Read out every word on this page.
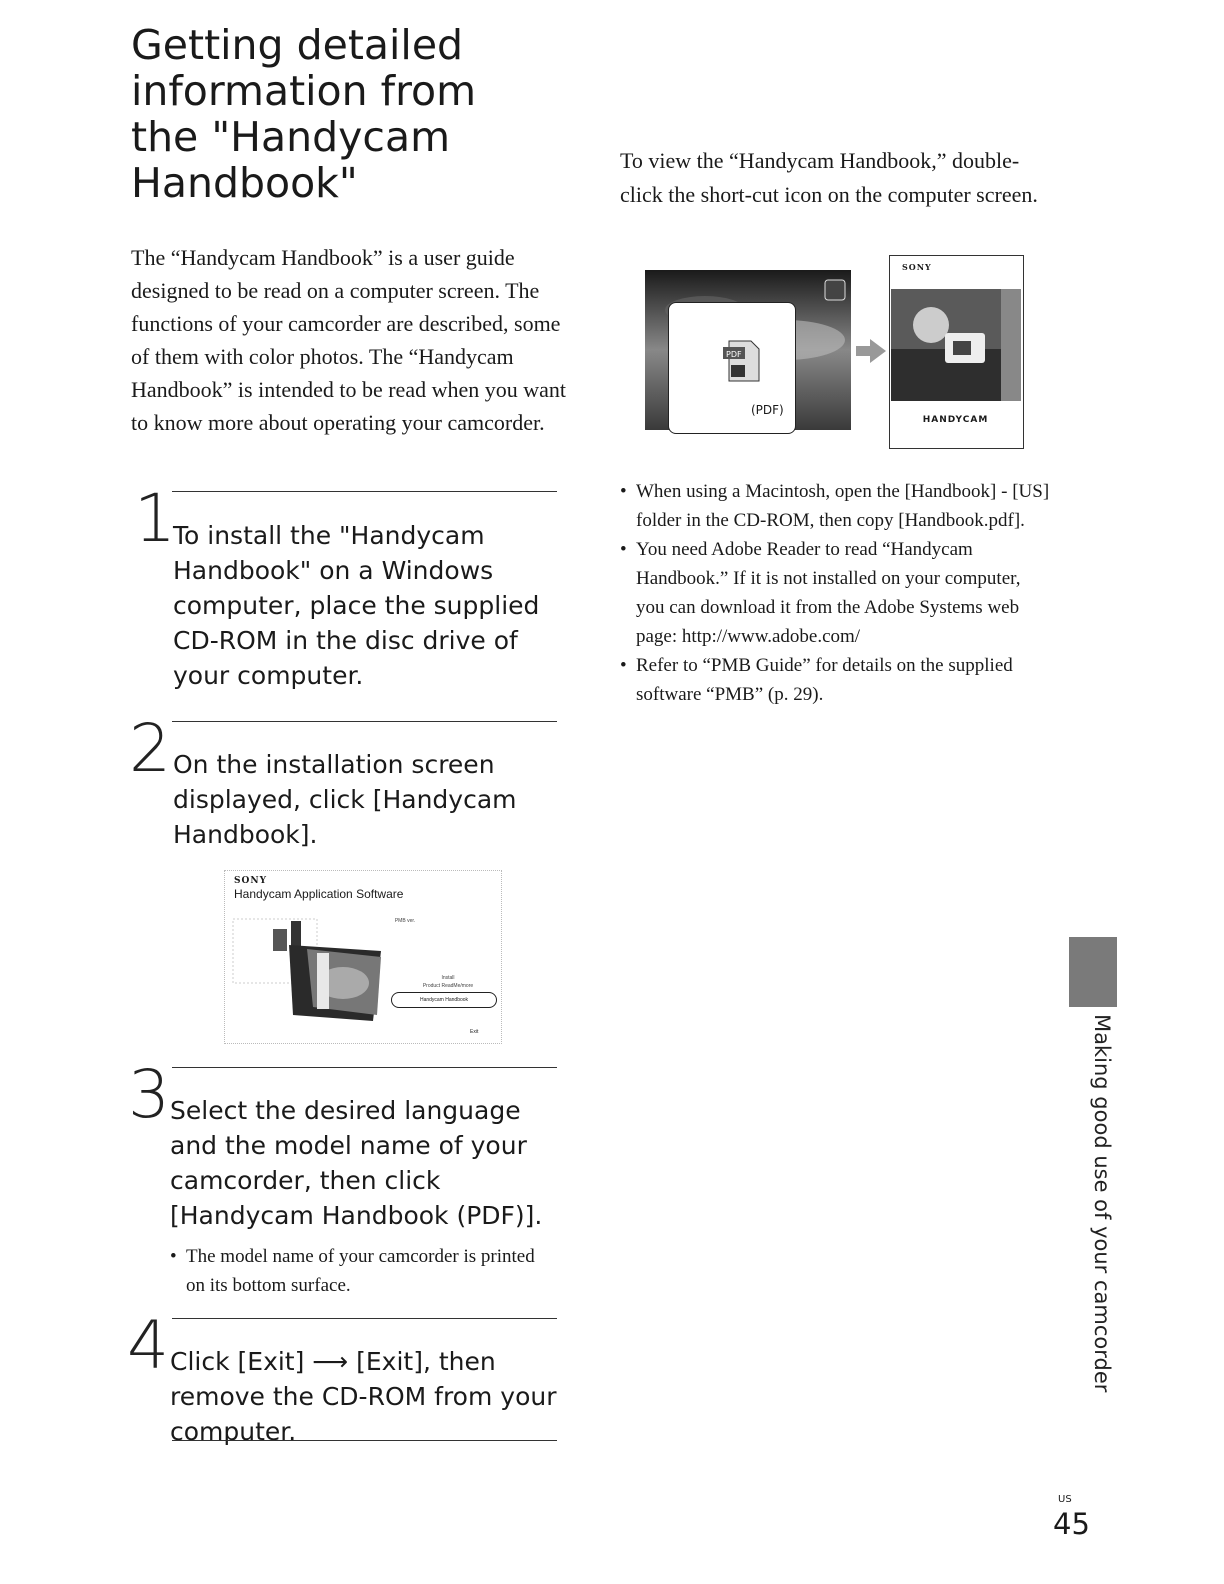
Getting detailed information from the "Handycam Handbook"

The “Handycam Handbook” is a user guide designed to be read on a computer screen. The functions of your camcorder are described, some of them with color photos. The “Handycam Handbook” is intended to be read when you want to know more about operating your camcorder.

1

To install the "Handycam Handbook" on a Windows computer, place the supplied CD-ROM in the disc drive of your computer.

2 On the installation screen displayed, click [Handycam Handbook].

SONY
Handycam Application Software
PMB ver.
Install
Product ReadMe/more
Handycam Handbook
Exit
3 Select the desired language and the model name of your camcorder, then click [Handycam Handbook (PDF)].

• The model name of your camcorder is printed on its bottom surface.
4 Click [Exit] ⟶ [Exit], then remove the CD-ROM from your computer.

To view the “Handycam Handbook,” double-click the short-cut icon on the computer screen.

PDF
(PDF)
SONY
HANDYCAM
• When using a Macintosh, open the [Handbook] - [US] folder in the CD-ROM, then copy [Handbook.pdf].
• You need Adobe Reader to read “Handycam Handbook.” If it is not installed on your computer, you can download it from the Adobe Systems web page: http://www.adobe.com/
• Refer to “PMB Guide” for details on the supplied software “PMB” (p. 29).
Making good use of your camcorder
US
45
